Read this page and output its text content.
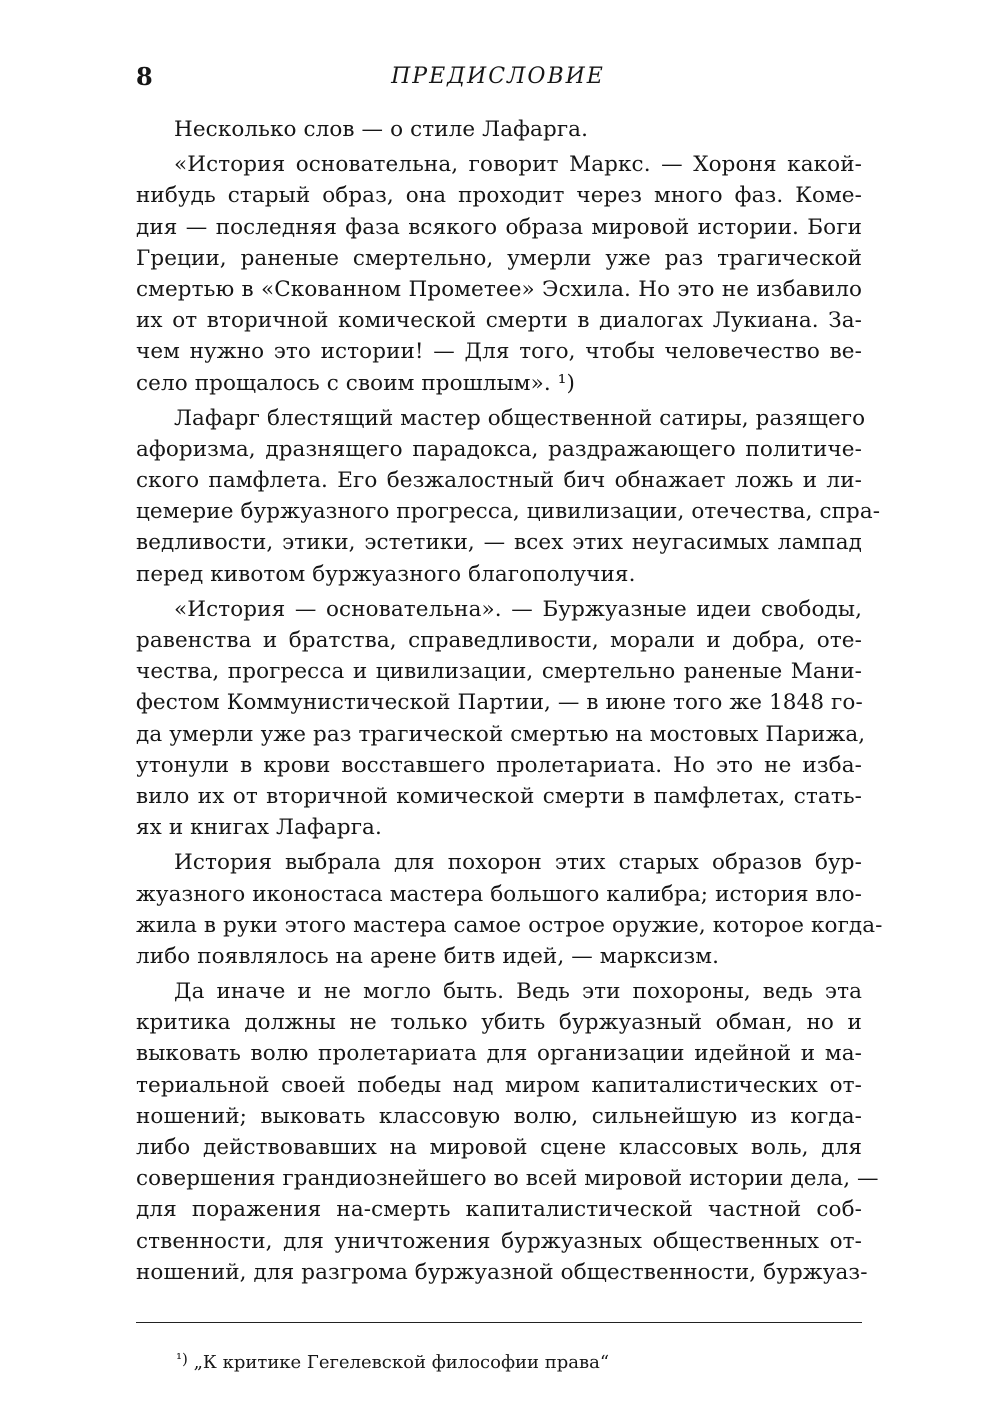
8	ПРЕДИСЛОВИЕ

Несколько слов — о стиле Лафарга.

«История основательна, говорит Маркс. — Хороня какой-
нибудь старый образ, она проходит через много фаз. Коме-
дия — последняя фаза всякого образа мировой истории. Боги
Греции, раненые смертельно, умерли уже раз трагической
смертью в «Скованном Прометее» Эсхила. Но это не избавило
их от вторичной комической смерти в диалогах Лукиана. За-
чем нужно это истории! — Для того, чтобы человечество ве-
село прощалось с своим прошлым». ¹)

Лафарг блестящий мастер общественной сатиры, разящего
афоризма, дразнящего парадокса, раздражающего политиче-
ского памфлета. Его безжалостный бич обнажает ложь и ли-
цемерие буржуазного прогресса, цивилизации, отечества, спра-
ведливости, этики, эстетики, — всех этих неугасимых лампад
перед кивотом буржуазного благополучия.

«История — основательна». — Буржуазные идеи свободы,
равенства и братства, справедливости, морали и добра, оте-
чества, прогресса и цивилизации, смертельно раненые Мани-
фестом Коммунистической Партии, — в июне того же 1848 го-
да умерли уже раз трагической смертью на мостовых Парижа,
утонули в крови восставшего пролетариата. Но это не изба-
вило их от вторичной комической смерти в памфлетах, стать-
ях и книгах Лафарга.

История выбрала для похорон этих старых образов бур-
жуазного иконостаса мастера большого калибра; история вло-
жила в руки этого мастера самое острое оружие, которое когда-
либо появлялось на арене битв идей, — марксизм.

Да иначе и не могло быть. Ведь эти похороны, ведь эта
критика должны не только убить буржуазный обман, но и
выковать волю пролетариата для организации идейной и ма-
териальной своей победы над миром капиталистических от-
ношений; выковать классовую волю, сильнейшую из когда-
либо действовавших на мировой сцене классовых воль, для
совершения грандиознейшего во всей мировой истории дела, —
для поражения на-смерть капиталистической частной соб-
ственности, для уничтожения буржуазных общественных от-
ношений, для разгрома буржуазной общественности, буржуаз-

$^{^1)}$ „К критике Гегелевской философии права“
